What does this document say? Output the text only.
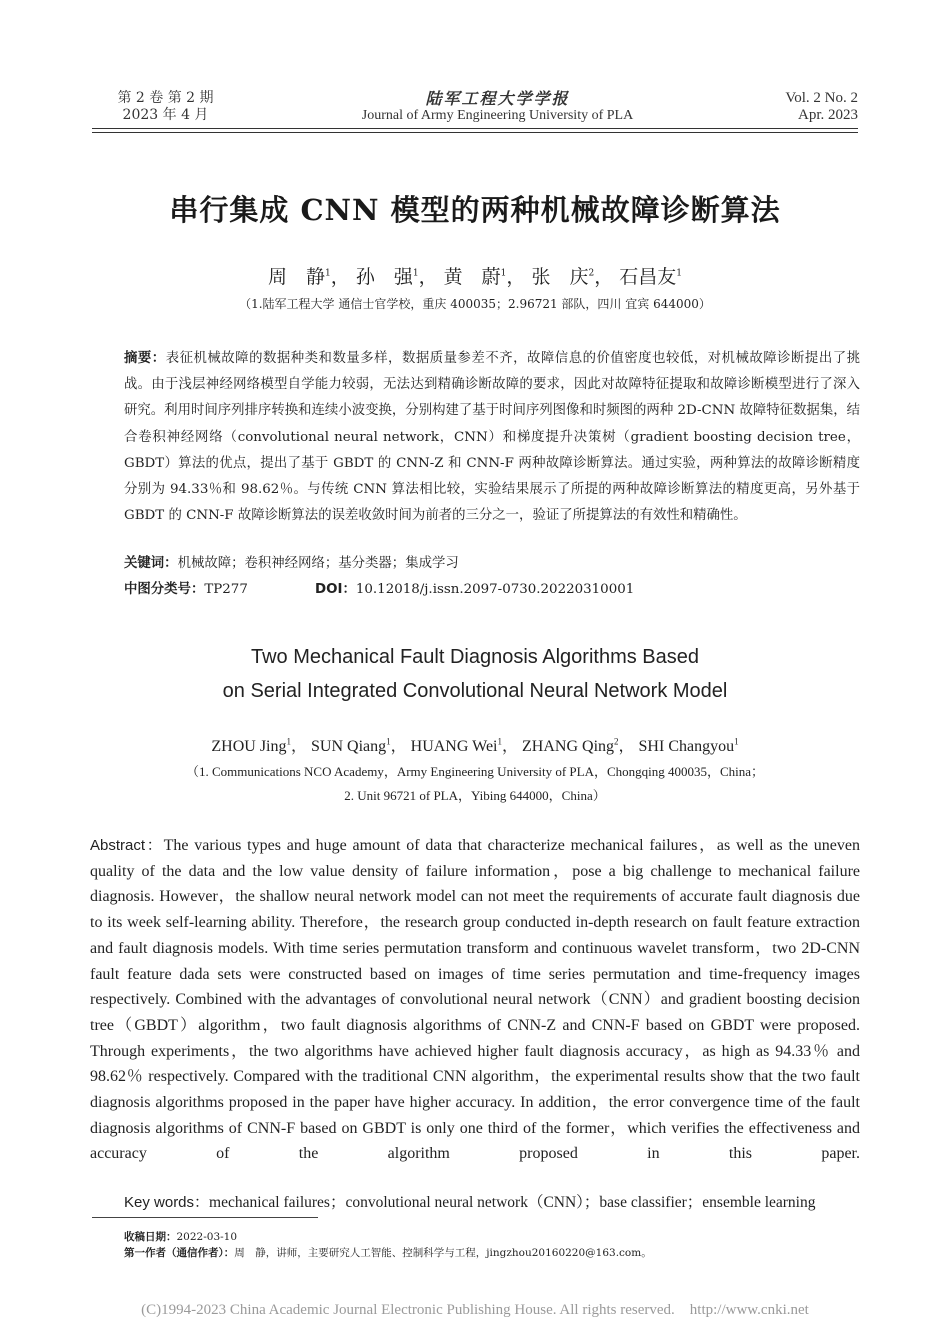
第 2 卷 第 2 期
2023 年 4 月
陆军工程大学学报
Journal of Army Engineering University of PLA
Vol. 2 No. 2
Apr. 2023
串行集成 CNN 模型的两种机械故障诊断算法
周　静$^1$， 孙　强$^1$， 黄　蔚$^1$， 张　庆$^2$， 石昌友$^1$
（1.陆军工程大学 通信士官学校，重庆 400035；2.96721 部队，四川 宜宾 644000）
摘要：表征机械故障的数据种类和数量多样，数据质量参差不齐，故障信息的价值密度也较低，对机械故障诊断提出了挑战。由于浅层神经网络模型自学能力较弱，无法达到精确诊断故障的要求，因此对故障特征提取和故障诊断模型进行了深入研究。利用时间序列排序转换和连续小波变换，分别构建了基于时间序列图像和时频图的两种 2D-CNN 故障特征数据集，结合卷积神经网络（convolutional neural network，CNN）和梯度提升决策树（gradient boosting decision tree，GBDT）算法的优点，提出了基于 GBDT 的 CNN-Z 和 CNN-F 两种故障诊断算法。通过实验，两种算法的故障诊断精度分别为 94.33％和 98.62％。与传统 CNN 算法相比较，实验结果展示了所提的两种故障诊断算法的精度更高，另外基于 GBDT 的 CNN-F 故障诊断算法的误差收敛时间为前者的三分之一，验证了所提算法的有效性和精确性。
关键词：机械故障；卷积神经网络；基分类器；集成学习
中图分类号：TP277	DOI：10.12018/j.issn.2097-0730.20220310001
Two Mechanical Fault Diagnosis Algorithms Based
on Serial Integrated Convolutional Neural Network Model
ZHOU Jing$^1$， SUN Qiang$^1$， HUANG Wei$^1$， ZHANG Qing$^2$， SHI Changyou$^1$
（1. Communications NCO Academy，Army Engineering University of PLA，Chongqing 400035，China；
2. Unit 96721 of PLA，Yibing 644000，China）
Abstract：The various types and huge amount of data that characterize mechanical failures，as well as the uneven quality of the data and the low value density of failure information，pose a big challenge to mechanical failure diagnosis. However，the shallow neural network model can not meet the requirements of accurate fault diagnosis due to its week self-learning ability. Therefore，the research group conducted in-depth research on fault feature extraction and fault diagnosis models. With time series permutation transform and continuous wavelet transform，two 2D-CNN fault feature dada sets were constructed based on images of time series permutation and time-frequency images respectively. Combined with the advantages of convolutional neural network（CNN）and gradient boosting decision tree（GBDT）algorithm，two fault diagnosis algorithms of CNN-Z and CNN-F based on GBDT were proposed. Through experiments，the two algorithms have achieved higher fault diagnosis accuracy，as high as 94.33％ and 98.62％ respectively. Compared with the traditional CNN algorithm，the experimental results show that the two fault diagnosis algorithms proposed in the paper have higher accuracy. In addition，the error convergence time of the fault diagnosis algorithms of CNN-F based on GBDT is only one third of the former，which verifies the effectiveness and accuracy of the algorithm proposed in this paper.
Key words：mechanical failures；convolutional neural network（CNN）；base classifier；ensemble learning
收稿日期：2022-03-10
第一作者（通信作者）：周　静，讲师，主要研究人工智能、控制科学与工程，jingzhou20160220@163.com。
(C)1994-2023 China Academic Journal Electronic Publishing House. All rights reserved.　http://www.cnki.net
